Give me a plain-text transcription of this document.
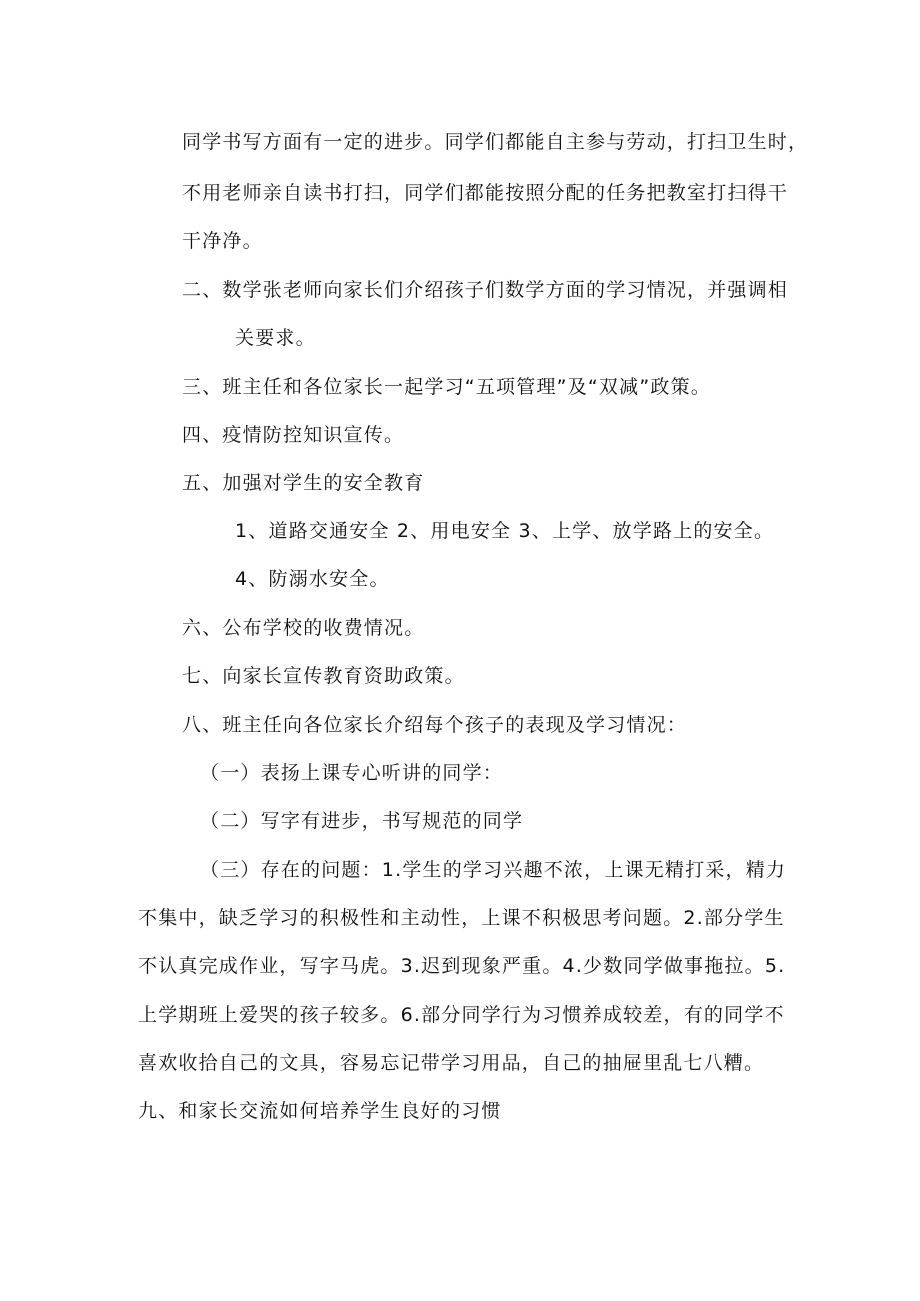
同学书写方面有一定的进步。同学们都能自主参与劳动，打扫卫生时，
不用老师亲自读书打扫，同学们都能按照分配的任务把教室打扫得干
干净净。
二、数学张老师向家长们介绍孩子们数学方面的学习情况，并强调相
关要求。
三、班主任和各位家长一起学习“五项管理”及“双减”政策。
四、疫情防控知识宣传。
五、加强对学生的安全教育
1、道路交通安全 2、用电安全 3、上学、放学路上的安全。
4、防溺水安全。
六、公布学校的收费情况。
七、向家长宣传教育资助政策。
八、班主任向各位家长介绍每个孩子的表现及学习情况：
（一）表扬上课专心听讲的同学：
（二）写字有进步，书写规范的同学
（三）存在的问题：1.学生的学习兴趣不浓，上课无精打采，精力
不集中，缺乏学习的积极性和主动性，上课不积极思考问题。2.部分学生
不认真完成作业，写字马虎。3.迟到现象严重。4.少数同学做事拖拉。5.
上学期班上爱哭的孩子较多。6.部分同学行为习惯养成较差，有的同学不
喜欢收拾自己的文具，容易忘记带学习用品，自己的抽屉里乱七八糟。
九、和家长交流如何培养学生良好的习惯
